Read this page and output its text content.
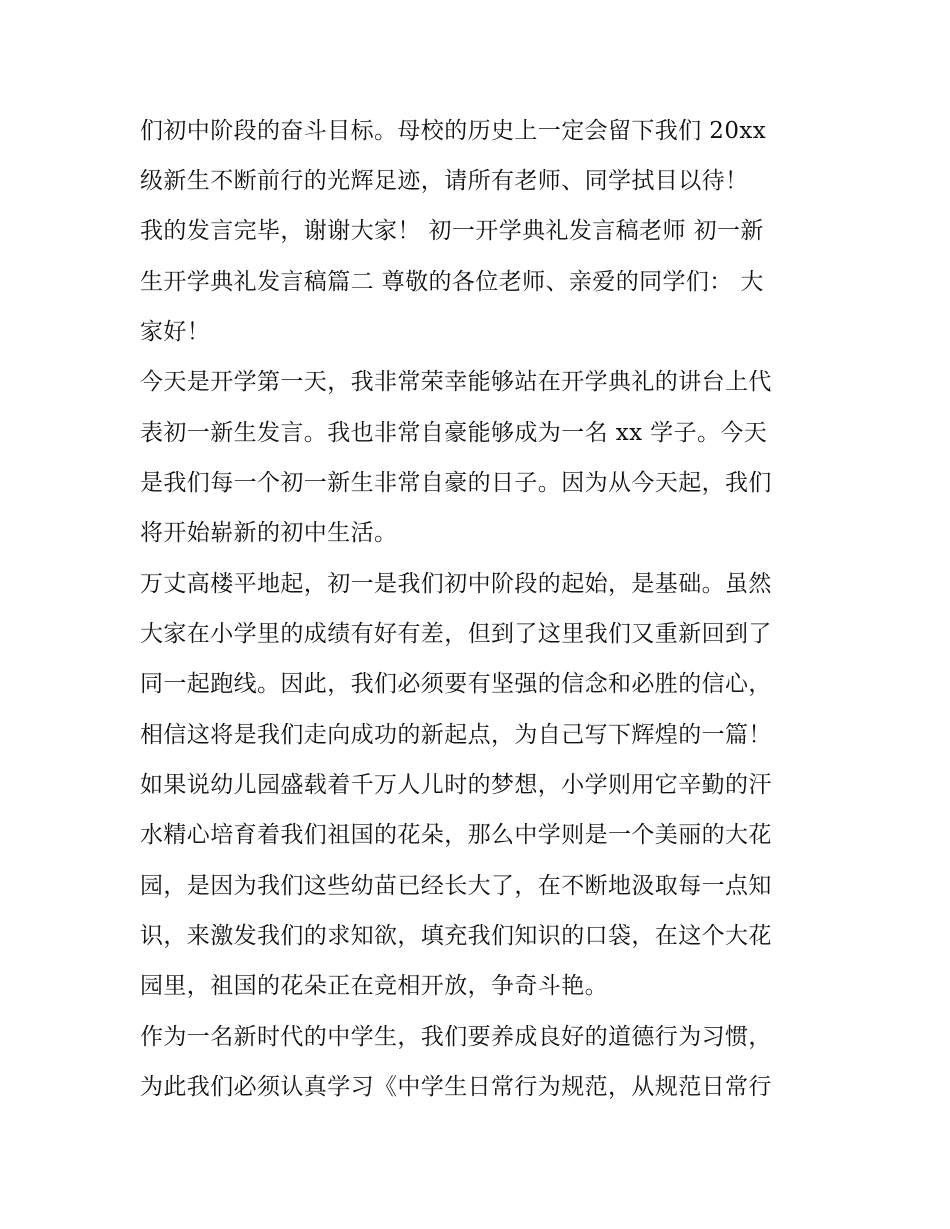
们初中阶段的奋斗目标。母校的历史上一定会留下我们 20xx
级新生不断前行的光辉足迹，请所有老师、同学拭目以待！
我的发言完毕，谢谢大家！ 初一开学典礼发言稿老师 初一新
生开学典礼发言稿篇二 尊敬的各位老师、亲爱的同学们： 大
家好！
今天是开学第一天，我非常荣幸能够站在开学典礼的讲台上代
表初一新生发言。我也非常自豪能够成为一名 xx 学子。今天
是我们每一个初一新生非常自豪的日子。因为从今天起，我们
将开始崭新的初中生活。
万丈高楼平地起，初一是我们初中阶段的起始，是基础。虽然
大家在小学里的成绩有好有差，但到了这里我们又重新回到了
同一起跑线。因此，我们必须要有坚强的信念和必胜的信心，
相信这将是我们走向成功的新起点，为自己写下辉煌的一篇！
如果说幼儿园盛载着千万人儿时的梦想，小学则用它辛勤的汗
水精心培育着我们祖国的花朵，那么中学则是一个美丽的大花
园，是因为我们这些幼苗已经长大了，在不断地汲取每一点知
识，来激发我们的求知欲，填充我们知识的口袋，在这个大花
园里，祖国的花朵正在竞相开放，争奇斗艳。
作为一名新时代的中学生，我们要养成良好的道德行为习惯，
为此我们必须认真学习《中学生日常行为规范，从规范日常行
